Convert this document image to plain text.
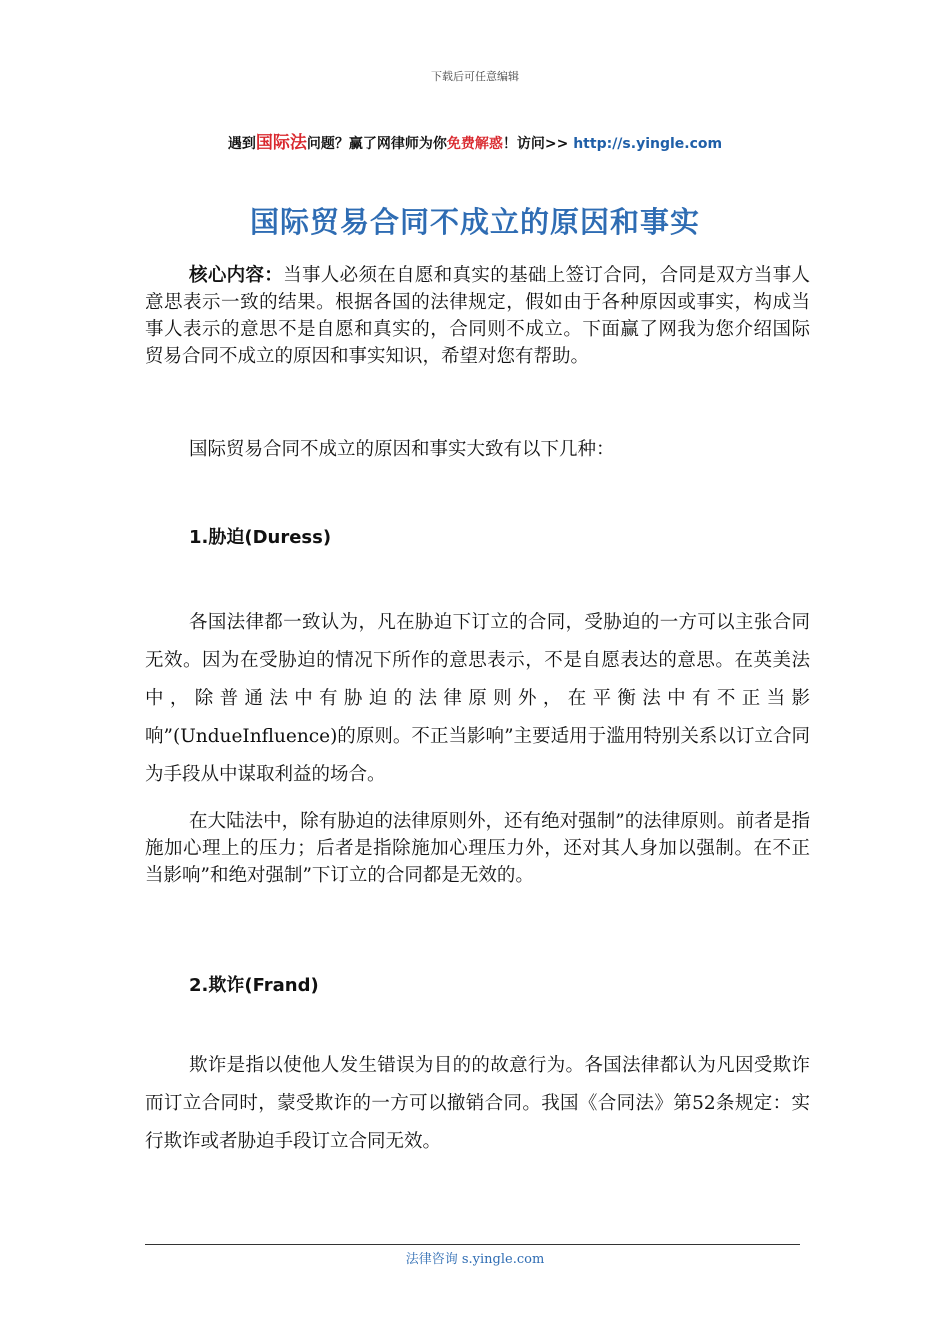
下载后可任意编辑
遇到国际法问题？赢了网律师为你免费解惑！访问>> http://s.yingle.com
国际贸易合同不成立的原因和事实

核心内容：当事人必须在自愿和真实的基础上签订合同，合同是双方当事人意思表示一致的结果。根据各国的法律规定，假如由于各种原因或事实，构成当事人表示的意思不是自愿和真实的，合同则不成立。下面赢了网我为您介绍国际贸易合同不成立的原因和事实知识，希望对您有帮助。

国际贸易合同不成立的原因和事实大致有以下几种：

1.胁迫(Duress)

各国法律都一致认为，凡在胁迫下订立的合同，受胁迫的一方可以主张合同无效。因为在受胁迫的情况下所作的意思表示，不是自愿表达的意思。在英美法中，除普通法中有胁迫的法律原则外，在平衡法中有不正当影响”(UndueInfluence)的原则。不正当影响”主要适用于滥用特别关系以订立合同为手段从中谋取利益的场合。

在大陆法中，除有胁迫的法律原则外，还有绝对强制”的法律原则。前者是指施加心理上的压力；后者是指除施加心理压力外，还对其人身加以强制。在不正当影响”和绝对强制”下订立的合同都是无效的。

2.欺诈(Frand)

欺诈是指以使他人发生错误为目的的故意行为。各国法律都认为凡因受欺诈而订立合同时，蒙受欺诈的一方可以撤销合同。我国《合同法》第52条规定：实行欺诈或者胁迫手段订立合同无效。

法律咨询 s.yingle.com
